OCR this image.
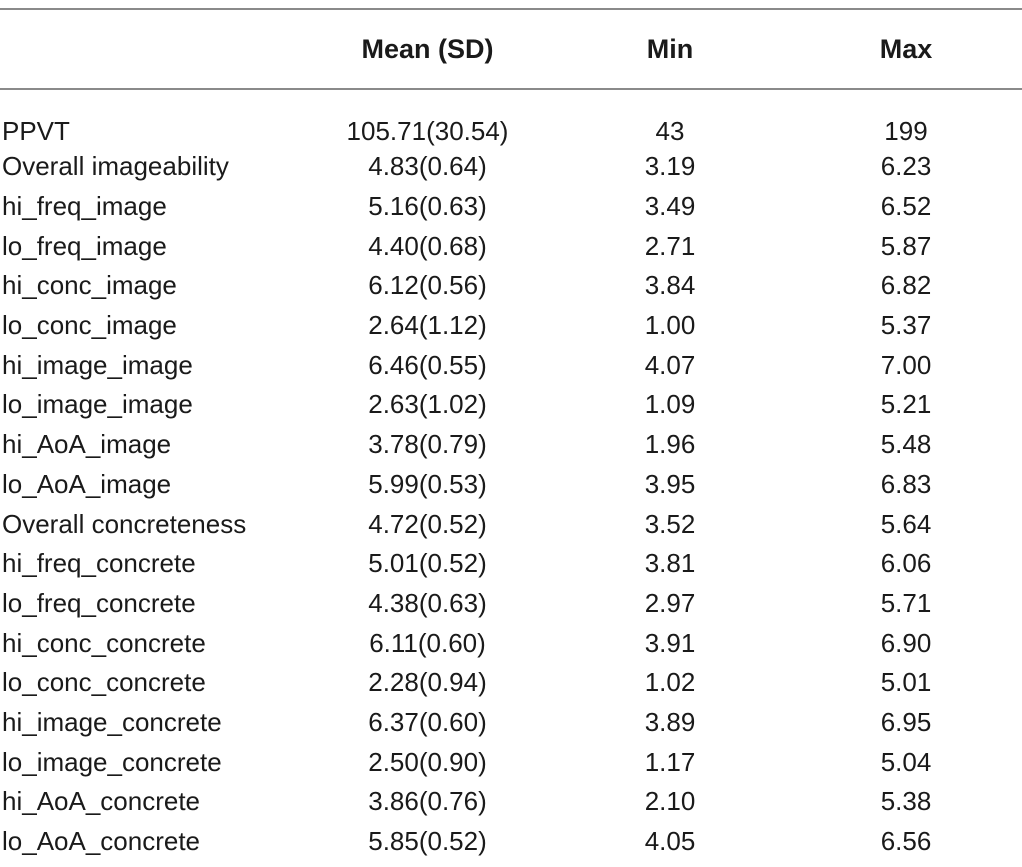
	Mean (SD)	Min	Max
PPVT	105.71(30.54)	43	199
Overall imageability	4.83(0.64)	3.19	6.23
hi_freq_image	5.16(0.63)	3.49	6.52
lo_freq_image	4.40(0.68)	2.71	5.87
hi_conc_image	6.12(0.56)	3.84	6.82
lo_conc_image	2.64(1.12)	1.00	5.37
hi_image_image	6.46(0.55)	4.07	7.00
lo_image_image	2.63(1.02)	1.09	5.21
hi_AoA_image	3.78(0.79)	1.96	5.48
lo_AoA_image	5.99(0.53)	3.95	6.83
Overall concreteness	4.72(0.52)	3.52	5.64
hi_freq_concrete	5.01(0.52)	3.81	6.06
lo_freq_concrete	4.38(0.63)	2.97	5.71
hi_conc_concrete	6.11(0.60)	3.91	6.90
lo_conc_concrete	2.28(0.94)	1.02	5.01
hi_image_concrete	6.37(0.60)	3.89	6.95
lo_image_concrete	2.50(0.90)	1.17	5.04
hi_AoA_concrete	3.86(0.76)	2.10	5.38
lo_AoA_concrete	5.85(0.52)	4.05	6.56
